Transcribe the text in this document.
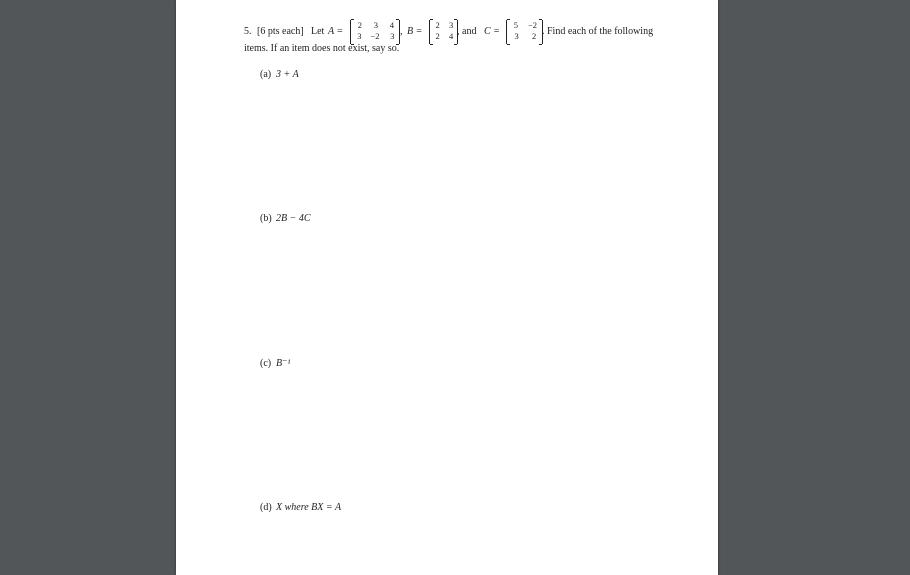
5. [6 pts each] Let A =
2 3 4
3 −2 3 , B =
2 3
2 4 , and C =
5 −2
3 2 . Find each of the following
items. If an item does not exist, say so.
(a) 3 + A
(b) 2B − 4C
(c) B⁻¹
(d) X where BX = A
